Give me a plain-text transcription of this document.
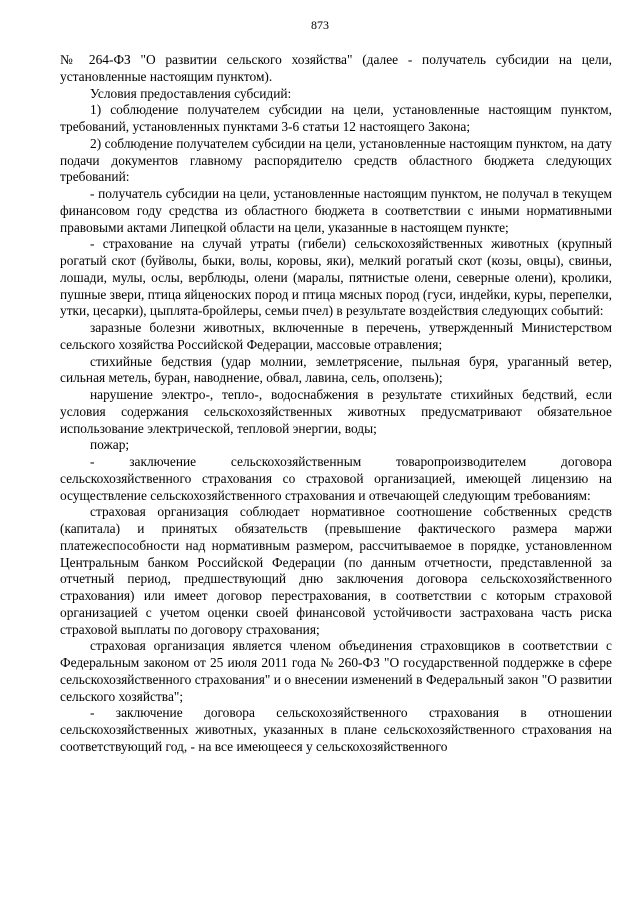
873

№ 264-ФЗ "О развитии сельского хозяйства" (далее - получатель субсидии на цели, установленные настоящим пунктом).

Условия предоставления субсидий:

1) соблюдение получателем субсидии на цели, установленные настоящим пунктом, требований, установленных пунктами 3-6 статьи 12 настоящего Закона;

2) соблюдение получателем субсидии на цели, установленные настоящим пунктом, на дату подачи документов главному распорядителю средств областного бюджета следующих требований:

- получатель субсидии на цели, установленные настоящим пунктом, не получал в текущем финансовом году средства из областного бюджета в соответствии с иными нормативными правовыми актами Липецкой области на цели, указанные в настоящем пункте;

- страхование на случай утраты (гибели) сельскохозяйственных животных (крупный рогатый скот (буйволы, быки, волы, коровы, яки), мелкий рогатый скот (козы, овцы), свиньи, лошади, мулы, ослы, верблюды, олени (маралы, пятнистые олени, северные олени), кролики, пушные звери, птица яйценоских пород и птица мясных пород (гуси, индейки, куры, перепелки, утки, цесарки), цыплята-бройлеры, семьи пчел) в результате воздействия следующих событий:

заразные болезни животных, включенные в перечень, утвержденный Министерством сельского хозяйства Российской Федерации, массовые отравления;

стихийные бедствия (удар молнии, землетрясение, пыльная буря, ураганный ветер, сильная метель, буран, наводнение, обвал, лавина, сель, оползень);

нарушение электро-, тепло-, водоснабжения в результате стихийных бедствий, если условия содержания сельскохозяйственных животных предусматривают обязательное использование электрической, тепловой энергии, воды;

пожар;

- заключение сельскохозяйственным товаропроизводителем договора сельскохозяйственного страхования со страховой организацией, имеющей лицензию на осуществление сельскохозяйственного страхования и отвечающей следующим требованиям:

страховая организация соблюдает нормативное соотношение собственных средств (капитала) и принятых обязательств (превышение фактического размера маржи платежеспособности над нормативным размером, рассчитываемое в порядке, установленном Центральным банком Российской Федерации (по данным отчетности, представленной за отчетный период, предшествующий дню заключения договора сельскохозяйственного страхования) или имеет договор перестрахования, в соответствии с которым страховой организацией с учетом оценки своей финансовой устойчивости застрахована часть риска страховой выплаты по договору страхования;

страховая организация является членом объединения страховщиков в соответствии с Федеральным законом от 25 июля 2011 года № 260-ФЗ "О государственной поддержке в сфере сельскохозяйственного страхования" и о внесении изменений в Федеральный закон "О развитии сельского хозяйства";

- заключение договора сельскохозяйственного страхования в отношении сельскохозяйственных животных, указанных в плане сельскохозяйственного страхования на соответствующий год, - на все имеющееся у сельскохозяйственного
